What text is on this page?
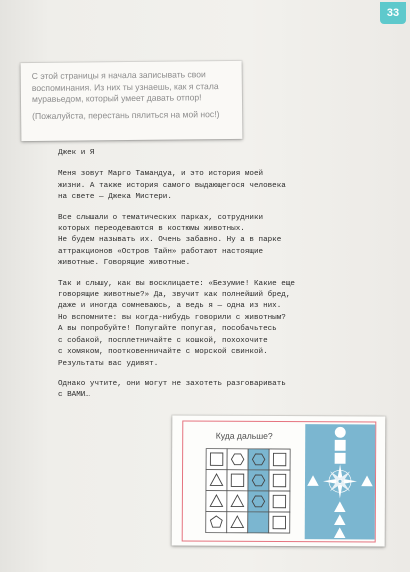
33

С этой страницы я начала записывать свои воспоминания. Из них ты узнаешь, как я стала муравьедом, который умеет давать отпор!

(Пожалуйста, перестань пялиться на мой нос!)

Джек и Я

Меня зовут Марго Тамандуа, и это история моей
жизни. А также история самого выдающегося человека
на свете — Джека Мистери.

Все слышали о тематических парках, сотрудники
которых переодеваются в костюмы животных.
Не будем называть их. Очень забавно. Ну а в парке
аттракционов «Остров Тайн» работают настоящие
животные. Говорящие животные.

Так и слышу, как вы восклицаете: «Безумие! Какие еще
говорящие животные?» Да, звучит как полнейший бред,
даже и иногда сомневаюсь, а ведь я — одна из них.
Но вспомните: вы когда-нибудь говорили с животным?
А вы попробуйте! Попугайте попугая, пособачьтесь
с собакой, посплетничайте с кошкой, похохочите
с хомяком, поотковенничайте с морской свинкой.
Результаты вас удивят.

Однако учтите, они могут не захотеть разговаривать
с ВАМИ…

Куда дальше?
